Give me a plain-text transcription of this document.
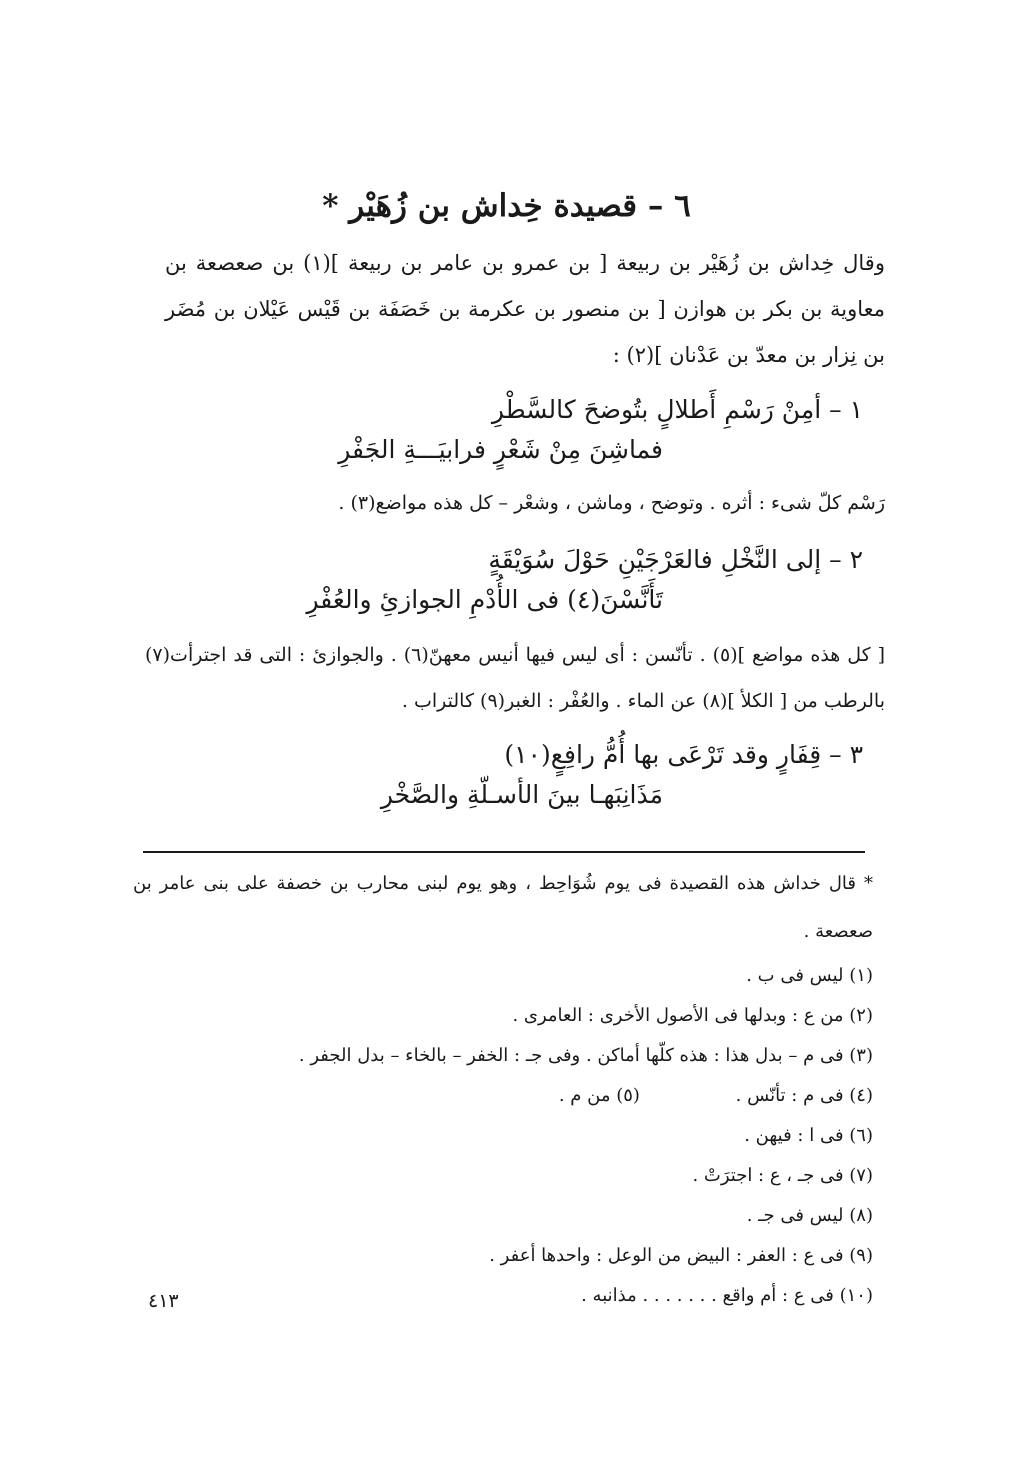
٦ – قصيدة خِداش بن زُهَيْر *
وقال خِداش بن زُهَيْر بن ربيعة [ بن عمرو بن عامر بن ربيعة ](١) بن صعصعة بن معاوية بن بكر بن هوازن [ بن منصور بن عكرمة بن خَصَفَة بن قَيْس عَيْلان بن مُضَر بن نِزار بن معدّ بن عَدْنان ](٢) :
١ – أمِنْ رَسْمِ أَطلالٍ بتُوضحَ كالسَّطْرِ
فماشِنَ مِنْ شَعْرٍ فرابيَـــةِ الجَفْرِ
رَسْم كلّ شىء : أثره . وتوضح ، وماشن ، وشعْر – كل هذه مواضع(٣) .
٢ – إلى النَّخْلِ فالعَرْجَيْنِ حَوْلَ سُوَيْقَةٍ
تَأَنَّسْنَ(٤) فى الأُدْمِ الجوازئِ والعُفْرِ
[ كل هذه مواضع ](٥) . تأنّسن : أى ليس فيها أنيس معهنّ(٦) . والجوازئ : التى قد اجترأت(٧) بالرطب من [ الكلأ ](٨) عن الماء . والعُفْر : الغبر(٩) كالتراب .
٣ – قِفَارٍ وقد تَرْعَى بها أُمُّ رافِعٍ(١٠)
مَذَانِبَهـا بينَ الأسـلّةِ والصَّخْرِ
* قال خداش هذه القصيدة فى يوم شُوَاحِط ، وهو يوم لبنى محارب بن خصفة على بنى عامر بن صعصعة .
(١) ليس فى ب .
(٢) من ع : وبدلها فى الأصول الأخرى : العامرى .
(٣) فى م – بدل هذا : هذه كلّها أماكن . وفى جـ : الخفر – بالخاء – بدل الجفر .
(٤) فى م : تأنّس . (٥) من م .
(٦) فى ا : فيهن .
(٧) فى جـ ، ع : اجترَتْ .
(٨) ليس فى جـ .
(٩) فى ع : العفر : البيض من الوعل : واحدها أعفر .
(١٠) فى ع : أم واقع . . . . . . . مذانبه .
٤١٣
